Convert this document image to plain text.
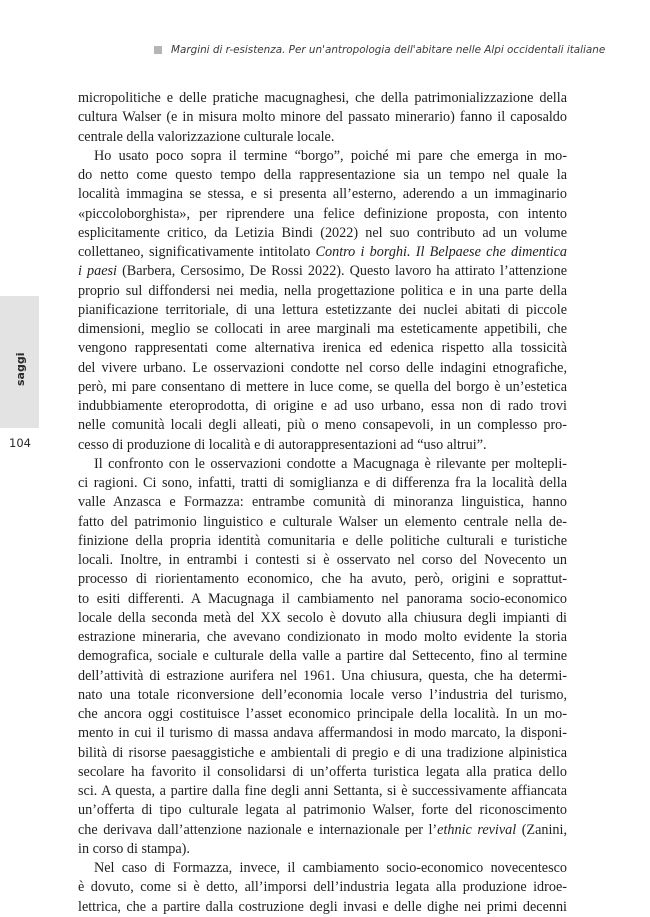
Margini di r-esistenza. Per un'antropologia dell'abitare nelle Alpi occidentali italiane
saggi
104
micropolitiche e delle pratiche macugnaghesi, che della patrimonializzazione della
cultura Walser (e in misura molto minore del passato minerario) fanno il caposaldo
centrale della valorizzazione culturale locale.
Ho usato poco sopra il termine “borgo”, poiché mi pare che emerga in mo-
do netto come questo tempo della rappresentazione sia un tempo nel quale la
località immagina se stessa, e si presenta all’esterno, aderendo a un immaginario
«piccoloborghista», per riprendere una felice definizione proposta, con intento
esplicitamente critico, da Letizia Bindi (2022) nel suo contributo ad un volume
collettaneo, significativamente intitolato Contro i borghi. Il Belpaese che dimentica
i paesi (Barbera, Cersosimo, De Rossi 2022). Questo lavoro ha attirato l’attenzione
proprio sul diffondersi nei media, nella progettazione politica e in una parte della
pianificazione territoriale, di una lettura estetizzante dei nuclei abitati di piccole
dimensioni, meglio se collocati in aree marginali ma esteticamente appetibili, che
vengono rappresentati come alternativa irenica ed edenica rispetto alla tossicità
del vivere urbano. Le osservazioni condotte nel corso delle indagini etnografiche,
però, mi pare consentano di mettere in luce come, se quella del borgo è un’estetica
indubbiamente eteroprodotta, di origine e ad uso urbano, essa non di rado trovi
nelle comunità locali degli alleati, più o meno consapevoli, in un complesso pro-
cesso di produzione di località e di autorappresentazioni ad “uso altrui”.
Il confronto con le osservazioni condotte a Macugnaga è rilevante per moltepli-
ci ragioni. Ci sono, infatti, tratti di somiglianza e di differenza fra la località della
valle Anzasca e Formazza: entrambe comunità di minoranza linguistica, hanno
fatto del patrimonio linguistico e culturale Walser un elemento centrale nella de-
finizione della propria identità comunitaria e delle politiche culturali e turistiche
locali. Inoltre, in entrambi i contesti si è osservato nel corso del Novecento un
processo di riorientamento economico, che ha avuto, però, origini e soprattut-
to esiti differenti. A Macugnaga il cambiamento nel panorama socio-economico
locale della seconda metà del XX secolo è dovuto alla chiusura degli impianti di
estrazione mineraria, che avevano condizionato in modo molto evidente la storia
demografica, sociale e culturale della valle a partire dal Settecento, fino al termine
dell’attività di estrazione aurifera nel 1961. Una chiusura, questa, che ha determi-
nato una totale riconversione dell’economia locale verso l’industria del turismo,
che ancora oggi costituisce l’asset economico principale della località. In un mo-
mento in cui il turismo di massa andava affermandosi in modo marcato, la disponi-
bilità di risorse paesaggistiche e ambientali di pregio e di una tradizione alpinistica
secolare ha favorito il consolidarsi di un’offerta turistica legata alla pratica dello
sci. A questa, a partire dalla fine degli anni Settanta, si è successivamente affiancata
un’offerta di tipo culturale legata al patrimonio Walser, forte del riconoscimento
che derivava dall’attenzione nazionale e internazionale per l’ethnic revival (Zanini,
in corso di stampa).
Nel caso di Formazza, invece, il cambiamento socio-economico novecentesco
è dovuto, come si è detto, all’imporsi dell’industria legata alla produzione idroe-
lettrica, che a partire dalla costruzione degli invasi e delle dighe nei primi decenni
